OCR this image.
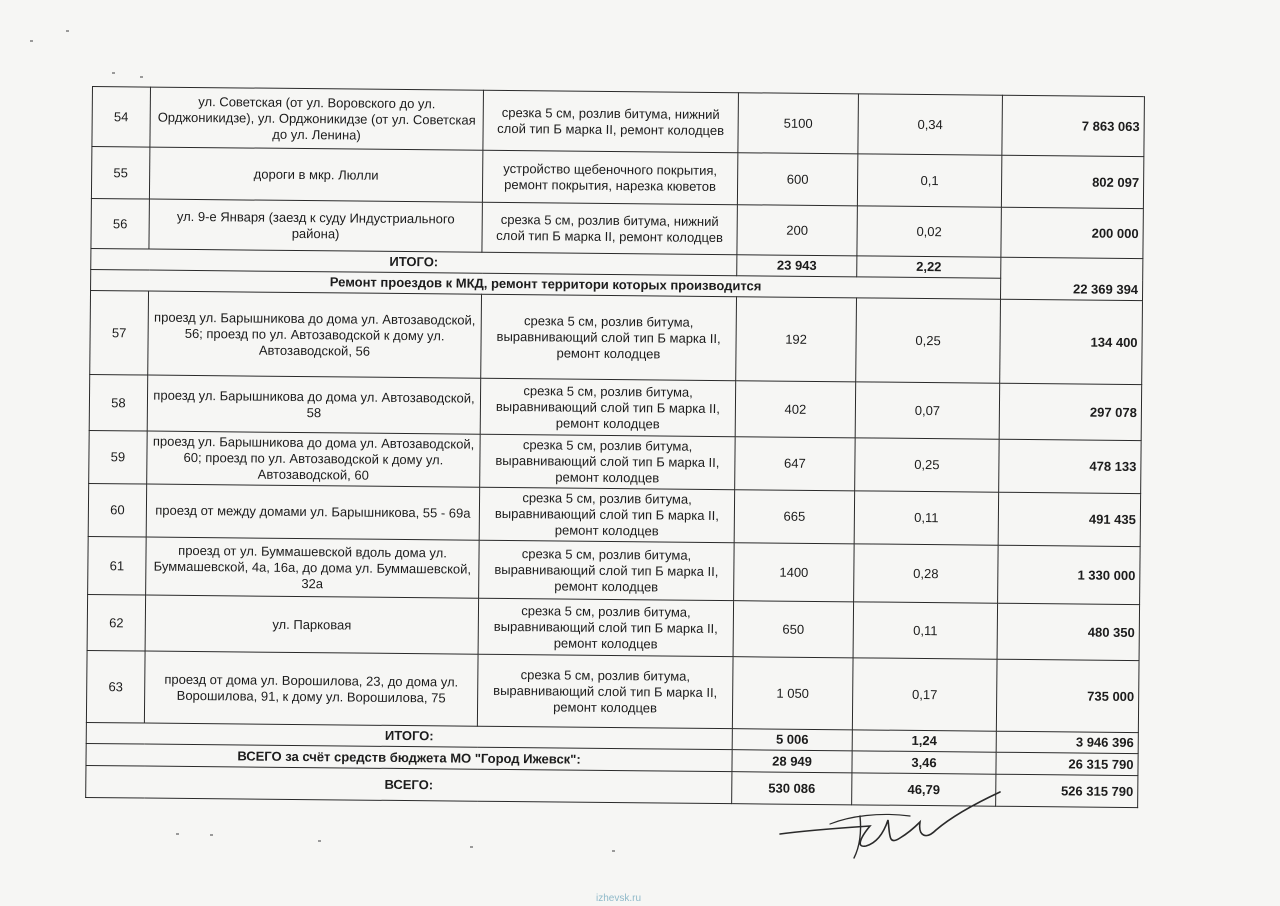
54	ул. Советская (от ул. Воровского до ул. Орджоникидзе), ул. Орджоникидзе (от ул. Советская до ул. Ленина)	срезка 5 см, розлив битума, нижний слой тип Б марка II, ремонт колодцев	5100	0,34	7 863 063
55	дороги в мкр. Люлли	устройство щебеночного покрытия, ремонт покрытия, нарезка кюветов	600	0,1	802 097
56	ул. 9-е Января (заезд к суду Индустриального района)	срезка 5 см, розлив битума, нижний слой тип Б марка II, ремонт колодцев	200	0,02	200 000
ИТОГО:			23 943	2,22	22 369 394
Ремонт проездов к МКД, ремонт территори которых производится					
57	проезд ул. Барышникова до дома ул. Автозаводской, 56; проезд по ул. Автозаводской к дому ул. Автозаводской, 56	срезка 5 см, розлив битума, выравнивающий слой тип Б марка II, ремонт колодцев	192	0,25	134 400
58	проезд ул. Барышникова до дома ул. Автозаводской, 58	срезка 5 см, розлив битума, выравнивающий слой тип Б марка II, ремонт колодцев	402	0,07	297 078
59	проезд ул. Барышникова до дома ул. Автозаводской, 60; проезд по ул. Автозаводской к дому ул. Автозаводской, 60	срезка 5 см, розлив битума, выравнивающий слой тип Б марка II, ремонт колодцев	647	0,25	478 133
60	проезд от между домами ул. Барышникова, 55 - 69а	срезка 5 см, розлив битума, выравнивающий слой тип Б марка II, ремонт колодцев	665	0,11	491 435
61	проезд от ул. Буммашевской вдоль дома ул. Буммашевской, 4а, 16а, до дома ул. Буммашевской, 32а	срезка 5 см, розлив битума, выравнивающий слой тип Б марка II, ремонт колодцев	1400	0,28	1 330 000
62	ул. Парковая	срезка 5 см, розлив битума, выравнивающий слой тип Б марка II, ремонт колодцев	650	0,11	480 350
63	проезд от дома ул. Ворошилова, 23, до дома ул. Ворошилова, 91, к дому ул. Ворошилова, 75	срезка 5 см, розлив битума, выравнивающий слой тип Б марка II, ремонт колодцев	1 050	0,17	735 000
ИТОГО:			5 006	1,24	3 946 396
ВСЕГО за счёт средств бюджета МО "Город Ижевск":			28 949	3,46	26 315 790
ВСЕГО:			530 086	46,79	526 315 790
izhevsk.ru
